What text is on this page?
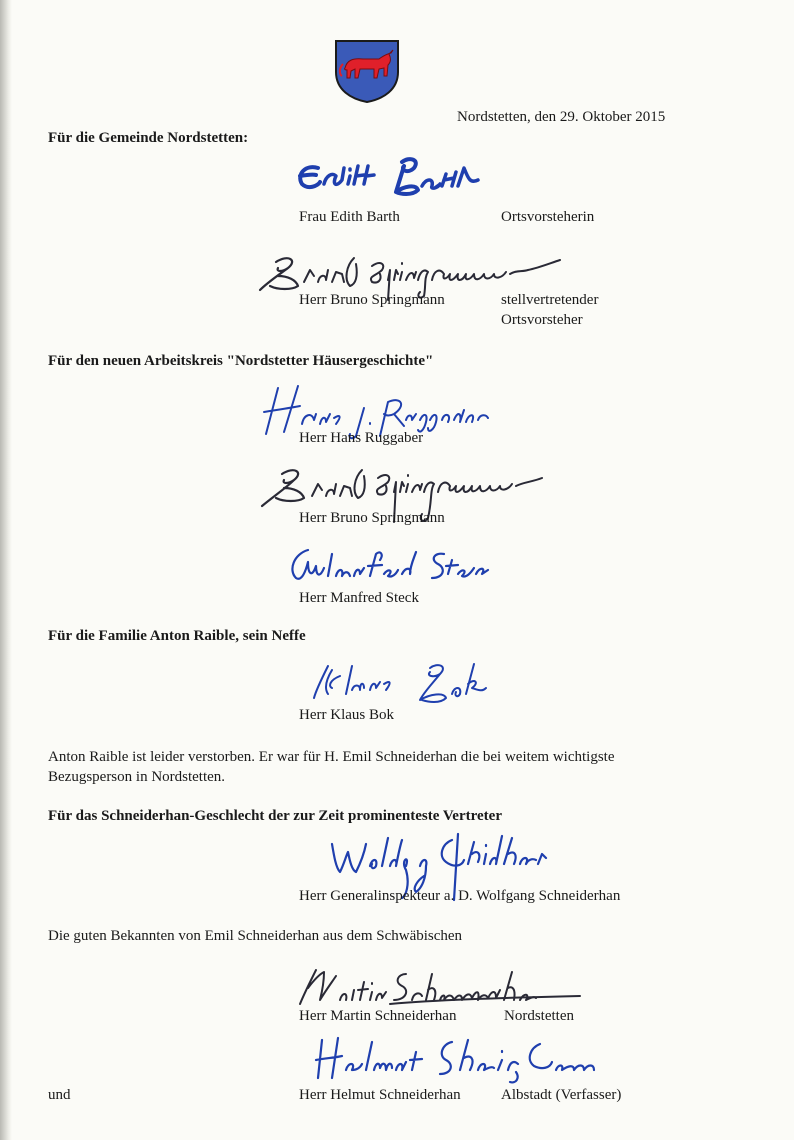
Nordstetten, den 29. Oktober 2015
Für die Gemeinde Nordstetten:
Frau Edith Barth	Ortsvorsteherin
Herr Bruno Springmann	stellvertretender
Ortsvorsteher
Für den neuen Arbeitskreis "Nordstetter Häusergeschichte"
Herr Hans Ruggaber
Herr Bruno Springmann
Herr Manfred Steck
Für die Familie Anton Raible, sein Neffe
Herr Klaus Bok
Anton Raible ist leider verstorben. Er war für H. Emil Schneiderhan die bei weitem wichtigste
Bezugsperson in Nordstetten.
Für das Schneiderhan-Geschlecht der zur Zeit prominenteste Vertreter
Herr Generalinspekteur a. D. Wolfgang Schneiderhan
Die guten Bekannten von Emil Schneiderhan aus dem Schwäbischen
Herr Martin Schneiderhan	Nordstetten
und	Herr Helmut Schneiderhan	Albstadt (Verfasser)
